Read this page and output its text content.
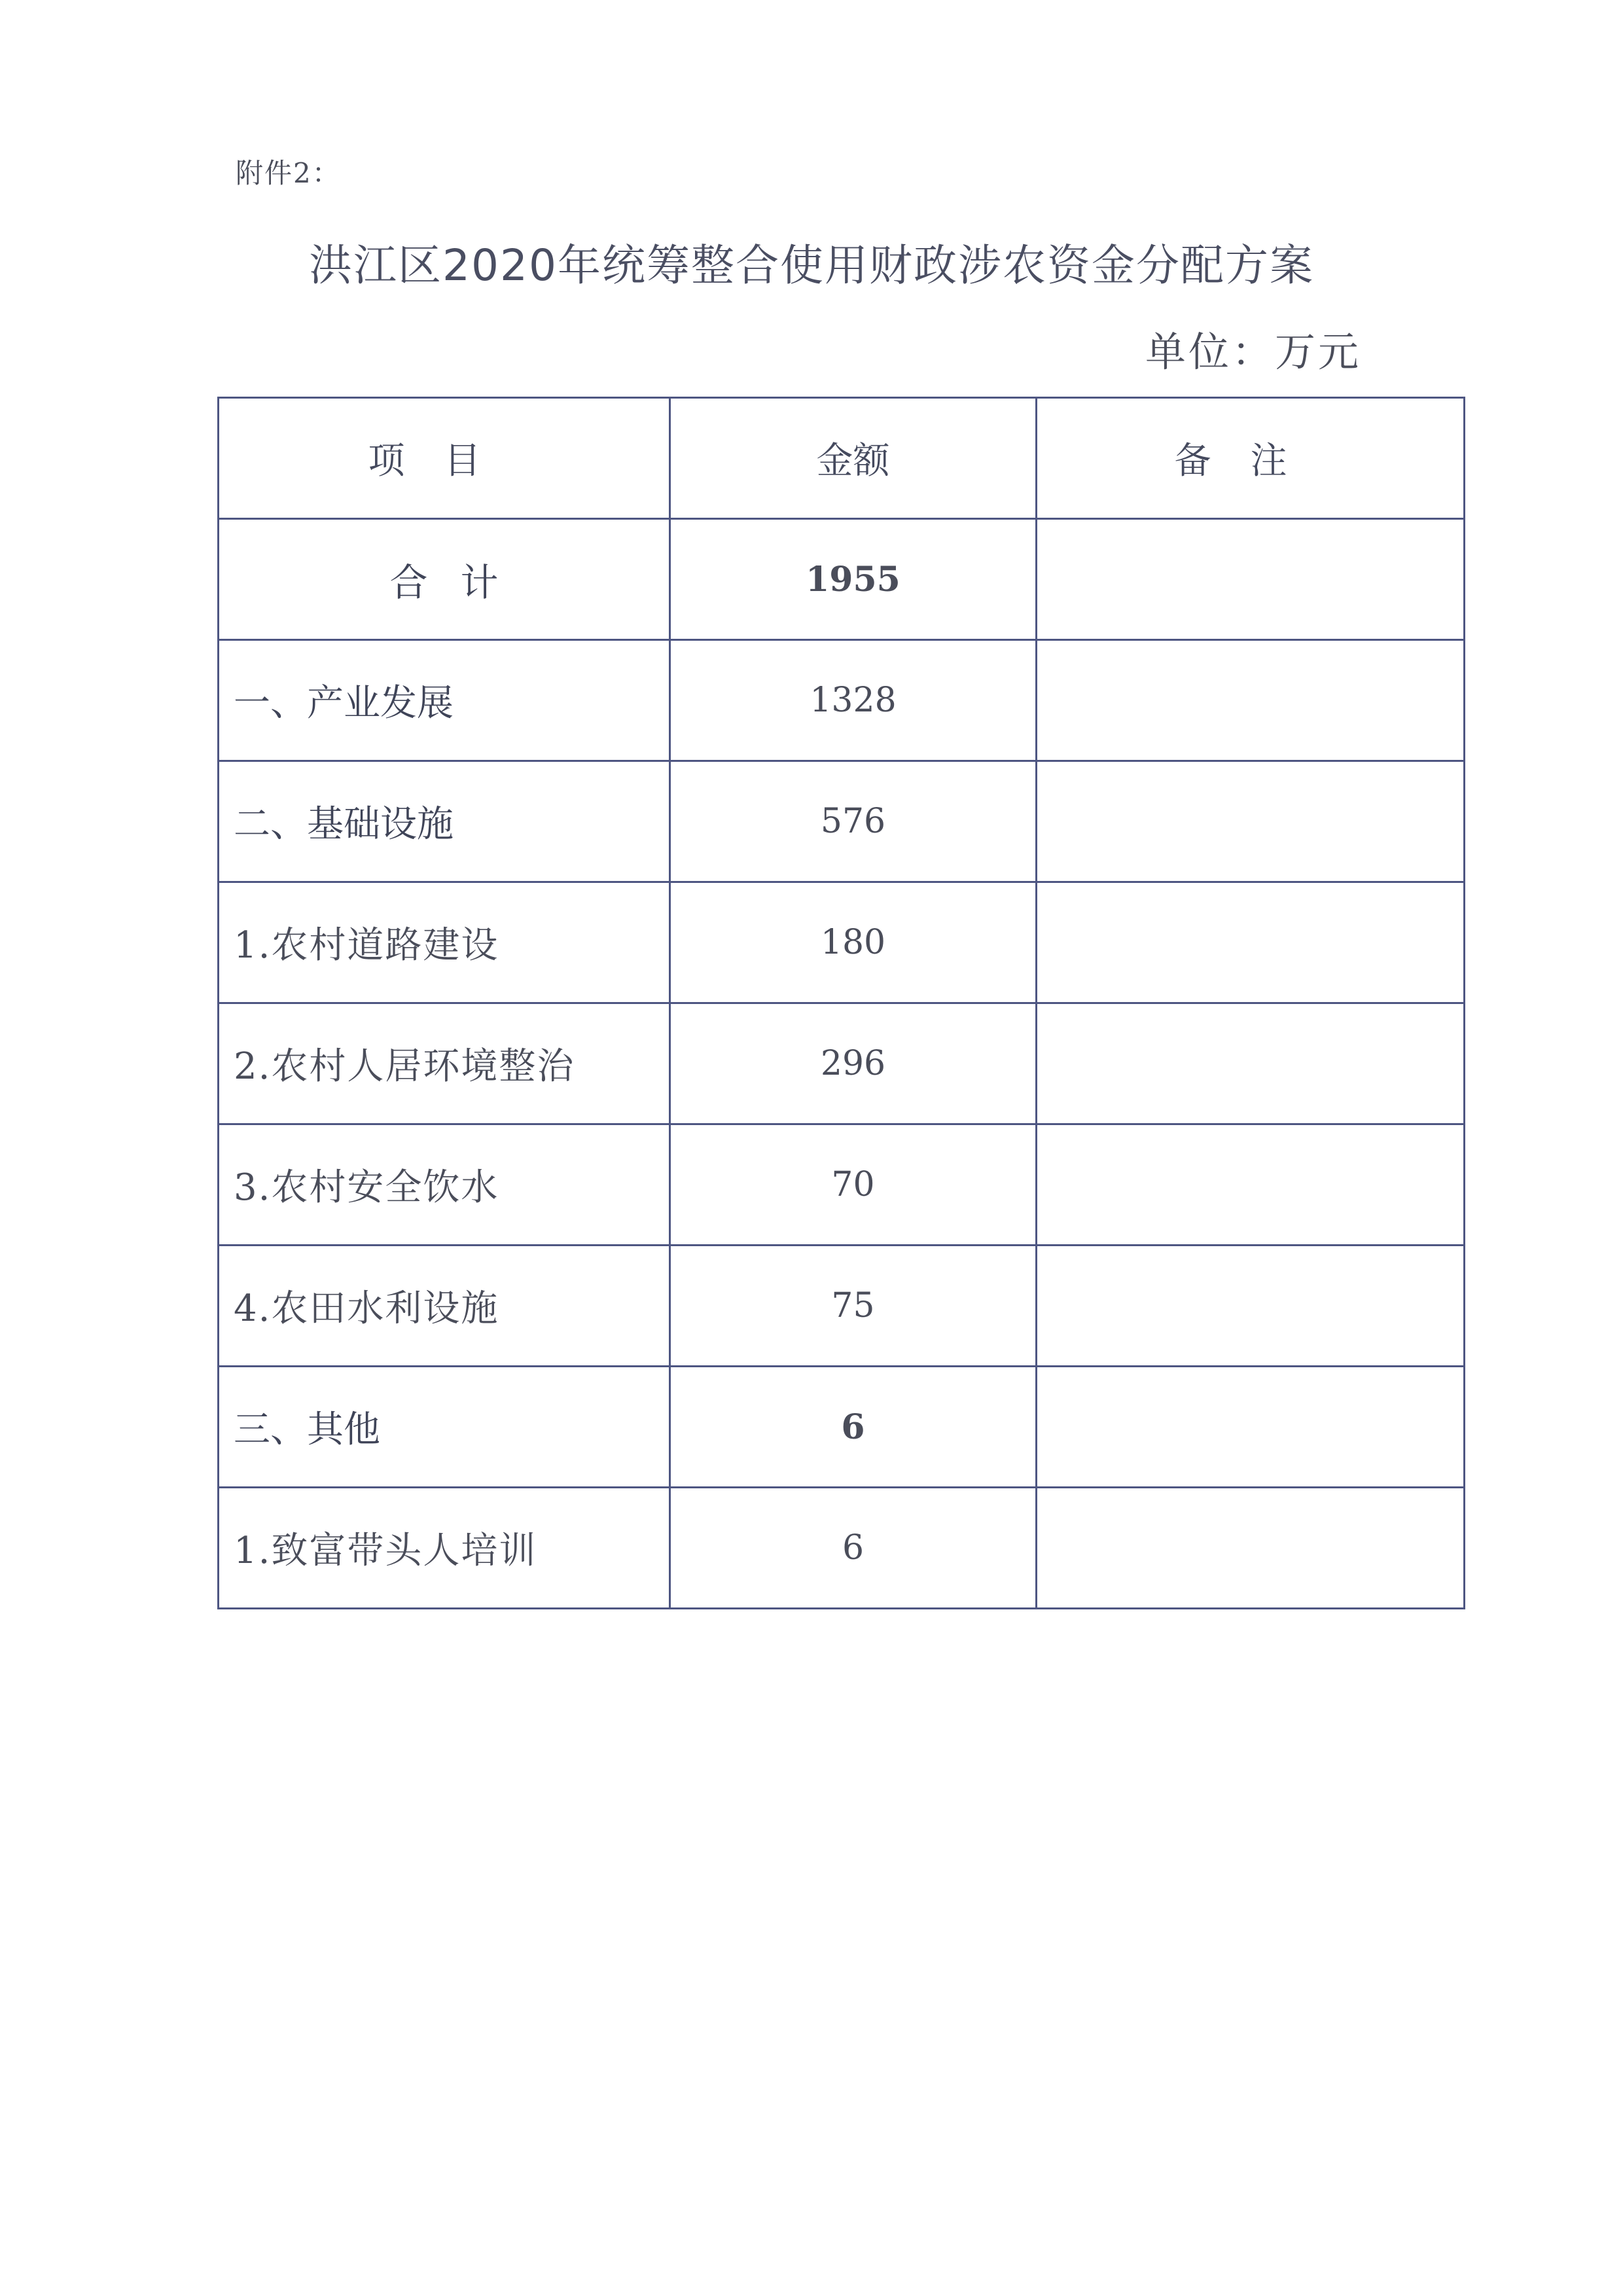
附件2：
洪江区2020年统筹整合使用财政涉农资金分配方案
单位：万元
项目	金额	备注
合计	1955	
一、产业发展	1328	
二、基础设施	576	
1.农村道路建设	180	
2.农村人居环境整治	296	
3.农村安全饮水	70	
4.农田水利设施	75	
三、其他	6	
1.致富带头人培训	6	
